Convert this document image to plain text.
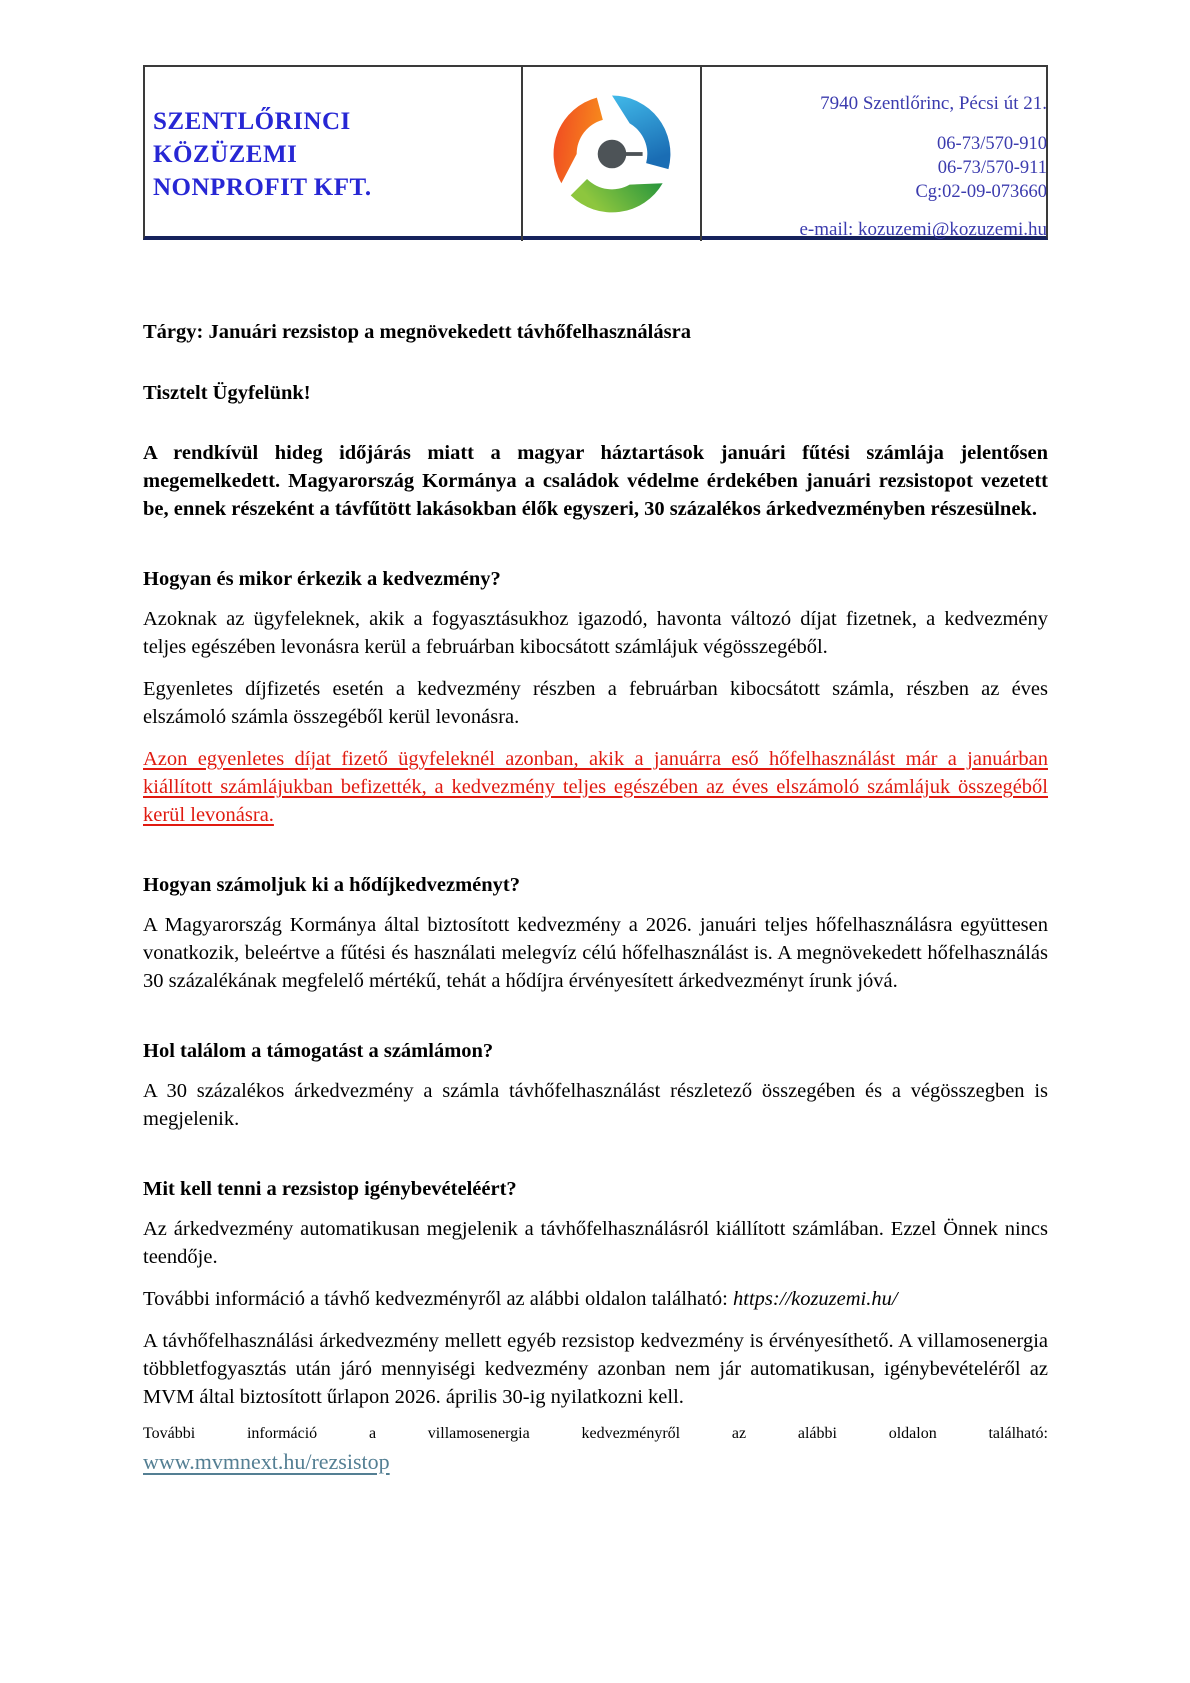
SZENTLŐRINCI
KÖZÜZEMI
NONPROFIT KFT.
7940 Szentlőrinc, Pécsi út 21.
06-73/570-910
06-73/570-911
Cg:02-09-073660
e-mail: kozuzemi@kozuzemi.hu

Tárgy: Januári rezsistop a megnövekedett távhőfelhasználásra

Tisztelt Ügyfelünk!

A rendkívül hideg időjárás miatt a magyar háztartások januári fűtési számlája jelentősen megemelkedett. Magyarország Kormánya a családok védelme érdekében januári rezsistopot vezetett be, ennek részeként a távfűtött lakásokban élők egyszeri, 30 százalékos árkedvezményben részesülnek.

Hogyan és mikor érkezik a kedvezmény?

Azoknak az ügyfeleknek, akik a fogyasztásukhoz igazodó, havonta változó díjat fizetnek, a kedvezmény teljes egészében levonásra kerül a februárban kibocsátott számlájuk végösszegéből.

Egyenletes díjfizetés esetén a kedvezmény részben a februárban kibocsátott számla, részben az éves elszámoló számla összegéből kerül levonásra.

Azon egyenletes díjat fizető ügyfeleknél azonban, akik a januárra eső hőfelhasználást már a januárban kiállított számlájukban befizették, a kedvezmény teljes egészében az éves elszámoló számlájuk összegéből kerül levonásra.

Hogyan számoljuk ki a hődíjkedvezményt?

A Magyarország Kormánya által biztosított kedvezmény a 2026. januári teljes hőfelhasználásra együttesen vonatkozik, beleértve a fűtési és használati melegvíz célú hőfelhasználást is. A megnövekedett hőfelhasználás 30 százalékának megfelelő mértékű, tehát a hődíjra érvényesített árkedvezményt írunk jóvá.

Hol találom a támogatást a számlámon?

A 30 százalékos árkedvezmény a számla távhőfelhasználást részletező összegében és a végösszegben is megjelenik.

Mit kell tenni a rezsistop igénybevételéért?

Az árkedvezmény automatikusan megjelenik a távhőfelhasználásról kiállított számlában. Ezzel Önnek nincs teendője.

További információ a távhő kedvezményről az alábbi oldalon található: https://kozuzemi.hu/

A távhőfelhasználási árkedvezmény mellett egyéb rezsistop kedvezmény is érvényesíthető. A villamosenergia többletfogyasztás után járó mennyiségi kedvezmény azonban nem jár automatikusan, igénybevételéről az MVM által biztosított űrlapon 2026. április 30-ig nyilatkozni kell.

További információ a villamosenergia kedvezményről az alábbi oldalon található:
www.mvmnext.hu/rezsistop
